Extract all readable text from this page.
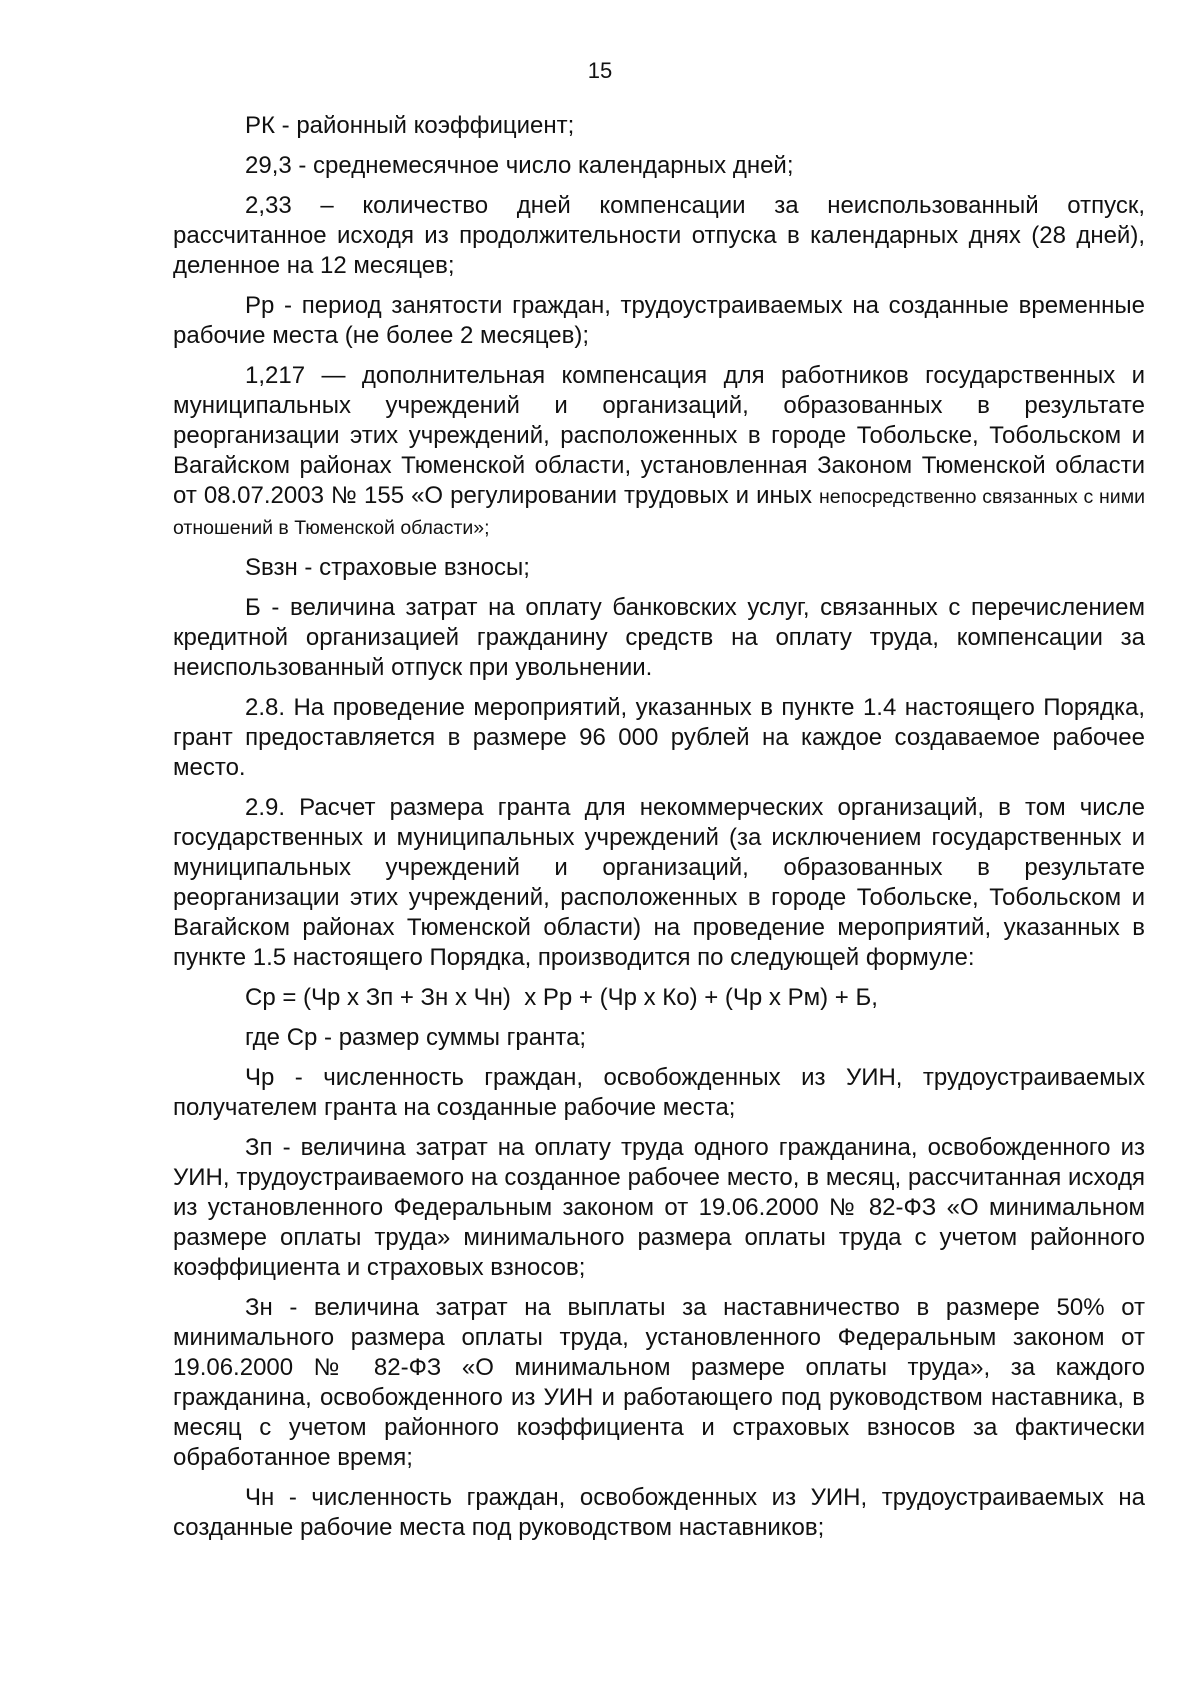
15

РК - районный коэффициент;

29,3 - среднемесячное число календарных дней;

2,33 – количество дней компенсации за неиспользованный отпуск, рассчитанное исходя из продолжительности отпуска в календарных днях (28 дней), деленное на 12 месяцев;

Рр - период занятости граждан, трудоустраиваемых на созданные временные рабочие места (не более 2 месяцев);

1,217 — дополнительная компенсация для работников государственных и муниципальных учреждений и организаций, образованных в результате реорганизации этих учреждений, расположенных в городе Тобольске, Тобольском и Вагайском районах Тюменской области, установленная Законом Тюменской области от 08.07.2003 № 155 «О регулировании трудовых и иных непосредственно связанных с ними отношений в Тюменской области»;

Sвзн - страховые взносы;

Б - величина затрат на оплату банковских услуг, связанных с перечислением кредитной организацией гражданину средств на оплату труда, компенсации за неиспользованный отпуск при увольнении.

2.8. На проведение мероприятий, указанных в пункте 1.4 настоящего Порядка, грант предоставляется в размере 96 000 рублей на каждое создаваемое рабочее место.

2.9. Расчет размера гранта для некоммерческих организаций, в том числе государственных и муниципальных учреждений (за исключением государственных и муниципальных учреждений и организаций, образованных в результате реорганизации этих учреждений, расположенных в городе Тобольске, Тобольском и Вагайском районах Тюменской области) на проведение мероприятий, указанных в пункте 1.5 настоящего Порядка, производится по следующей формуле:

Ср = (Чр х Зп + Зн х Чн)  х Рр + (Чр х Ко) + (Чр х Рм) + Б,

где Ср - размер суммы гранта;

Чр - численность граждан, освобожденных из УИН, трудоустраиваемых получателем гранта на созданные рабочие места;

Зп - величина затрат на оплату труда одного гражданина, освобожденного из УИН, трудоустраиваемого на созданное рабочее место, в месяц, рассчитанная исходя из установленного Федеральным законом от 19.06.2000 № 82-ФЗ «О минимальном размере оплаты труда» минимального размера оплаты труда с учетом районного коэффициента и страховых взносов;

Зн - величина затрат на выплаты за наставничество в размере 50% от минимального размера оплаты труда, установленного Федеральным законом от 19.06.2000 № 82-ФЗ «О минимальном размере оплаты труда», за каждого гражданина, освобожденного из УИН и работающего под руководством наставника, в месяц с учетом районного коэффициента и страховых взносов за фактически обработанное время;

Чн - численность граждан, освобожденных из УИН, трудоустраиваемых на созданные рабочие места под руководством наставников;
